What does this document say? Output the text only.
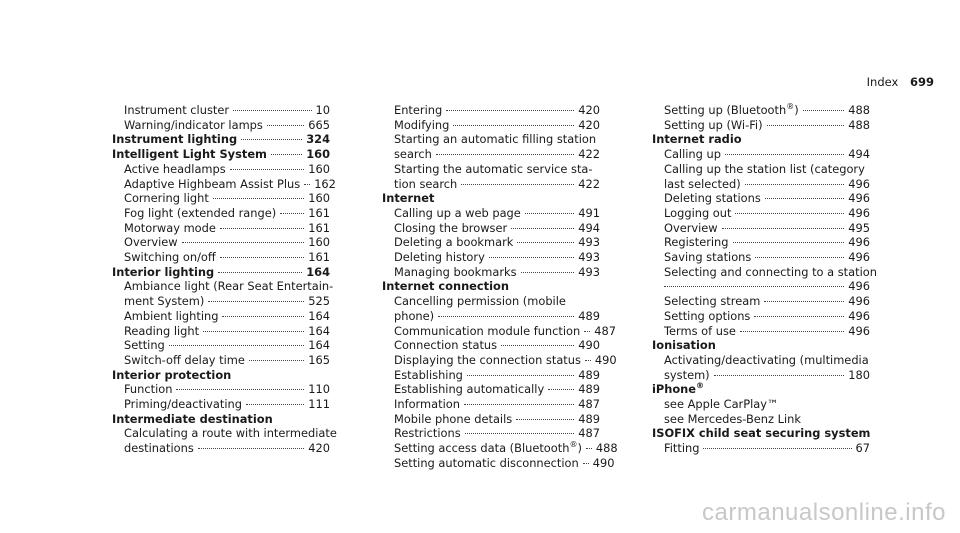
Index 699
Instrument cluster	10
Warning/indicator lamps	665
Instrument lighting	324
Intelligent Light System	160
Active headlamps	160
Adaptive Highbeam Assist Plus 162
Cornering light	160
Fog light (extended range)	161
Motorway mode	161
Overview	160
Switching on/off	161
Interior lighting	164
Ambiance light (Rear Seat Entertain-
ment System)	525
Ambient lighting	164
Reading light	164
Setting	164
Switch-off delay time	165
Interior protection
Function	110
Priming/deactivating	111
Intermediate destination
Calculating a route with intermediate
destinations	420
Entering	420
Modifying	420
Starting an automatic filling station
search	422
Starting the automatic service sta-
tion search	422
Internet
Calling up a web page	491
Closing the browser	494
Deleting a bookmark	493
Deleting history	493
Managing bookmarks	493
Internet connection
Cancelling permission (mobile
phone)	489
Communication module function 487
Connection status	490
Displaying the connection status 490
Establishing	489
Establishing automatically	489
Information	487
Mobile phone details	489
Restrictions	487
Setting access data (Bluetooth®) 488
Setting automatic disconnection 490
Setting up (Bluetooth®)	488
Setting up (Wi-Fi)	488
Internet radio
Calling up	494
Calling up the station list (category
last selected)	496
Deleting stations	496
Logging out	496
Overview	495
Registering	496
Saving stations	496
Selecting and connecting to a station
496
Selecting stream	496
Setting options	496
Terms of use	496
Ionisation
Activating/deactivating (multimedia
system)	180
iPhone®
see Apple CarPlay™
see Mercedes-Benz Link
ISOFIX child seat securing system
Fitting	67
carmanualsonline.info
